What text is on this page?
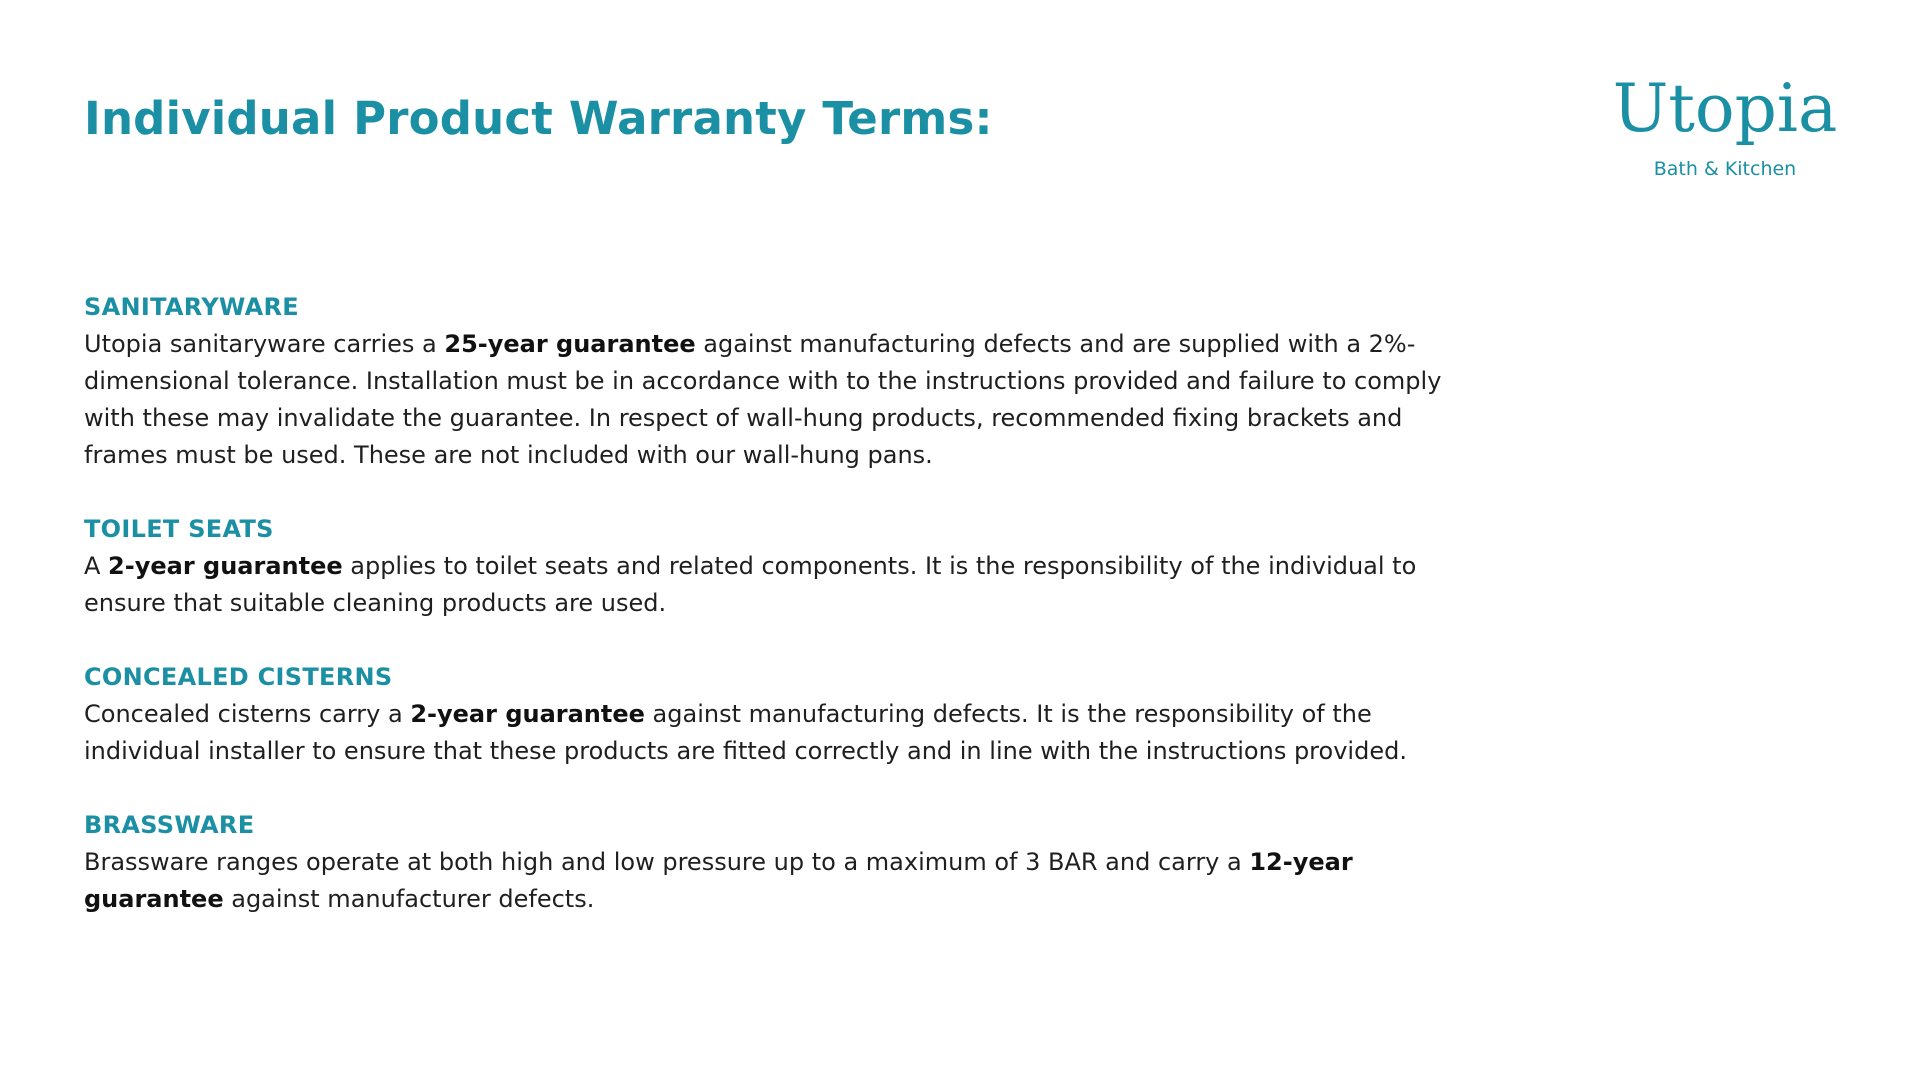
Individual Product Warranty Terms:	Utopia
Bath & Kitchen
SANITARYWARE

Utopia sanitaryware carries a 25-year guarantee against manufacturing defects and are supplied with a 2%-dimensional tolerance. Installation must be in accordance with to the instructions provided and failure to comply with these may invalidate the guarantee. In respect of wall-hung products, recommended fixing brackets and frames must be used. These are not included with our wall-hung pans.

TOILET SEATS

A 2-year guarantee applies to toilet seats and related components. It is the responsibility of the individual to ensure that suitable cleaning products are used.

CONCEALED CISTERNS

Concealed cisterns carry a 2-year guarantee against manufacturing defects. It is the responsibility of the individual installer to ensure that these products are fitted correctly and in line with the instructions provided.

BRASSWARE

Brassware ranges operate at both high and low pressure up to a maximum of 3 BAR and carry a 12-year guarantee against manufacturer defects.
